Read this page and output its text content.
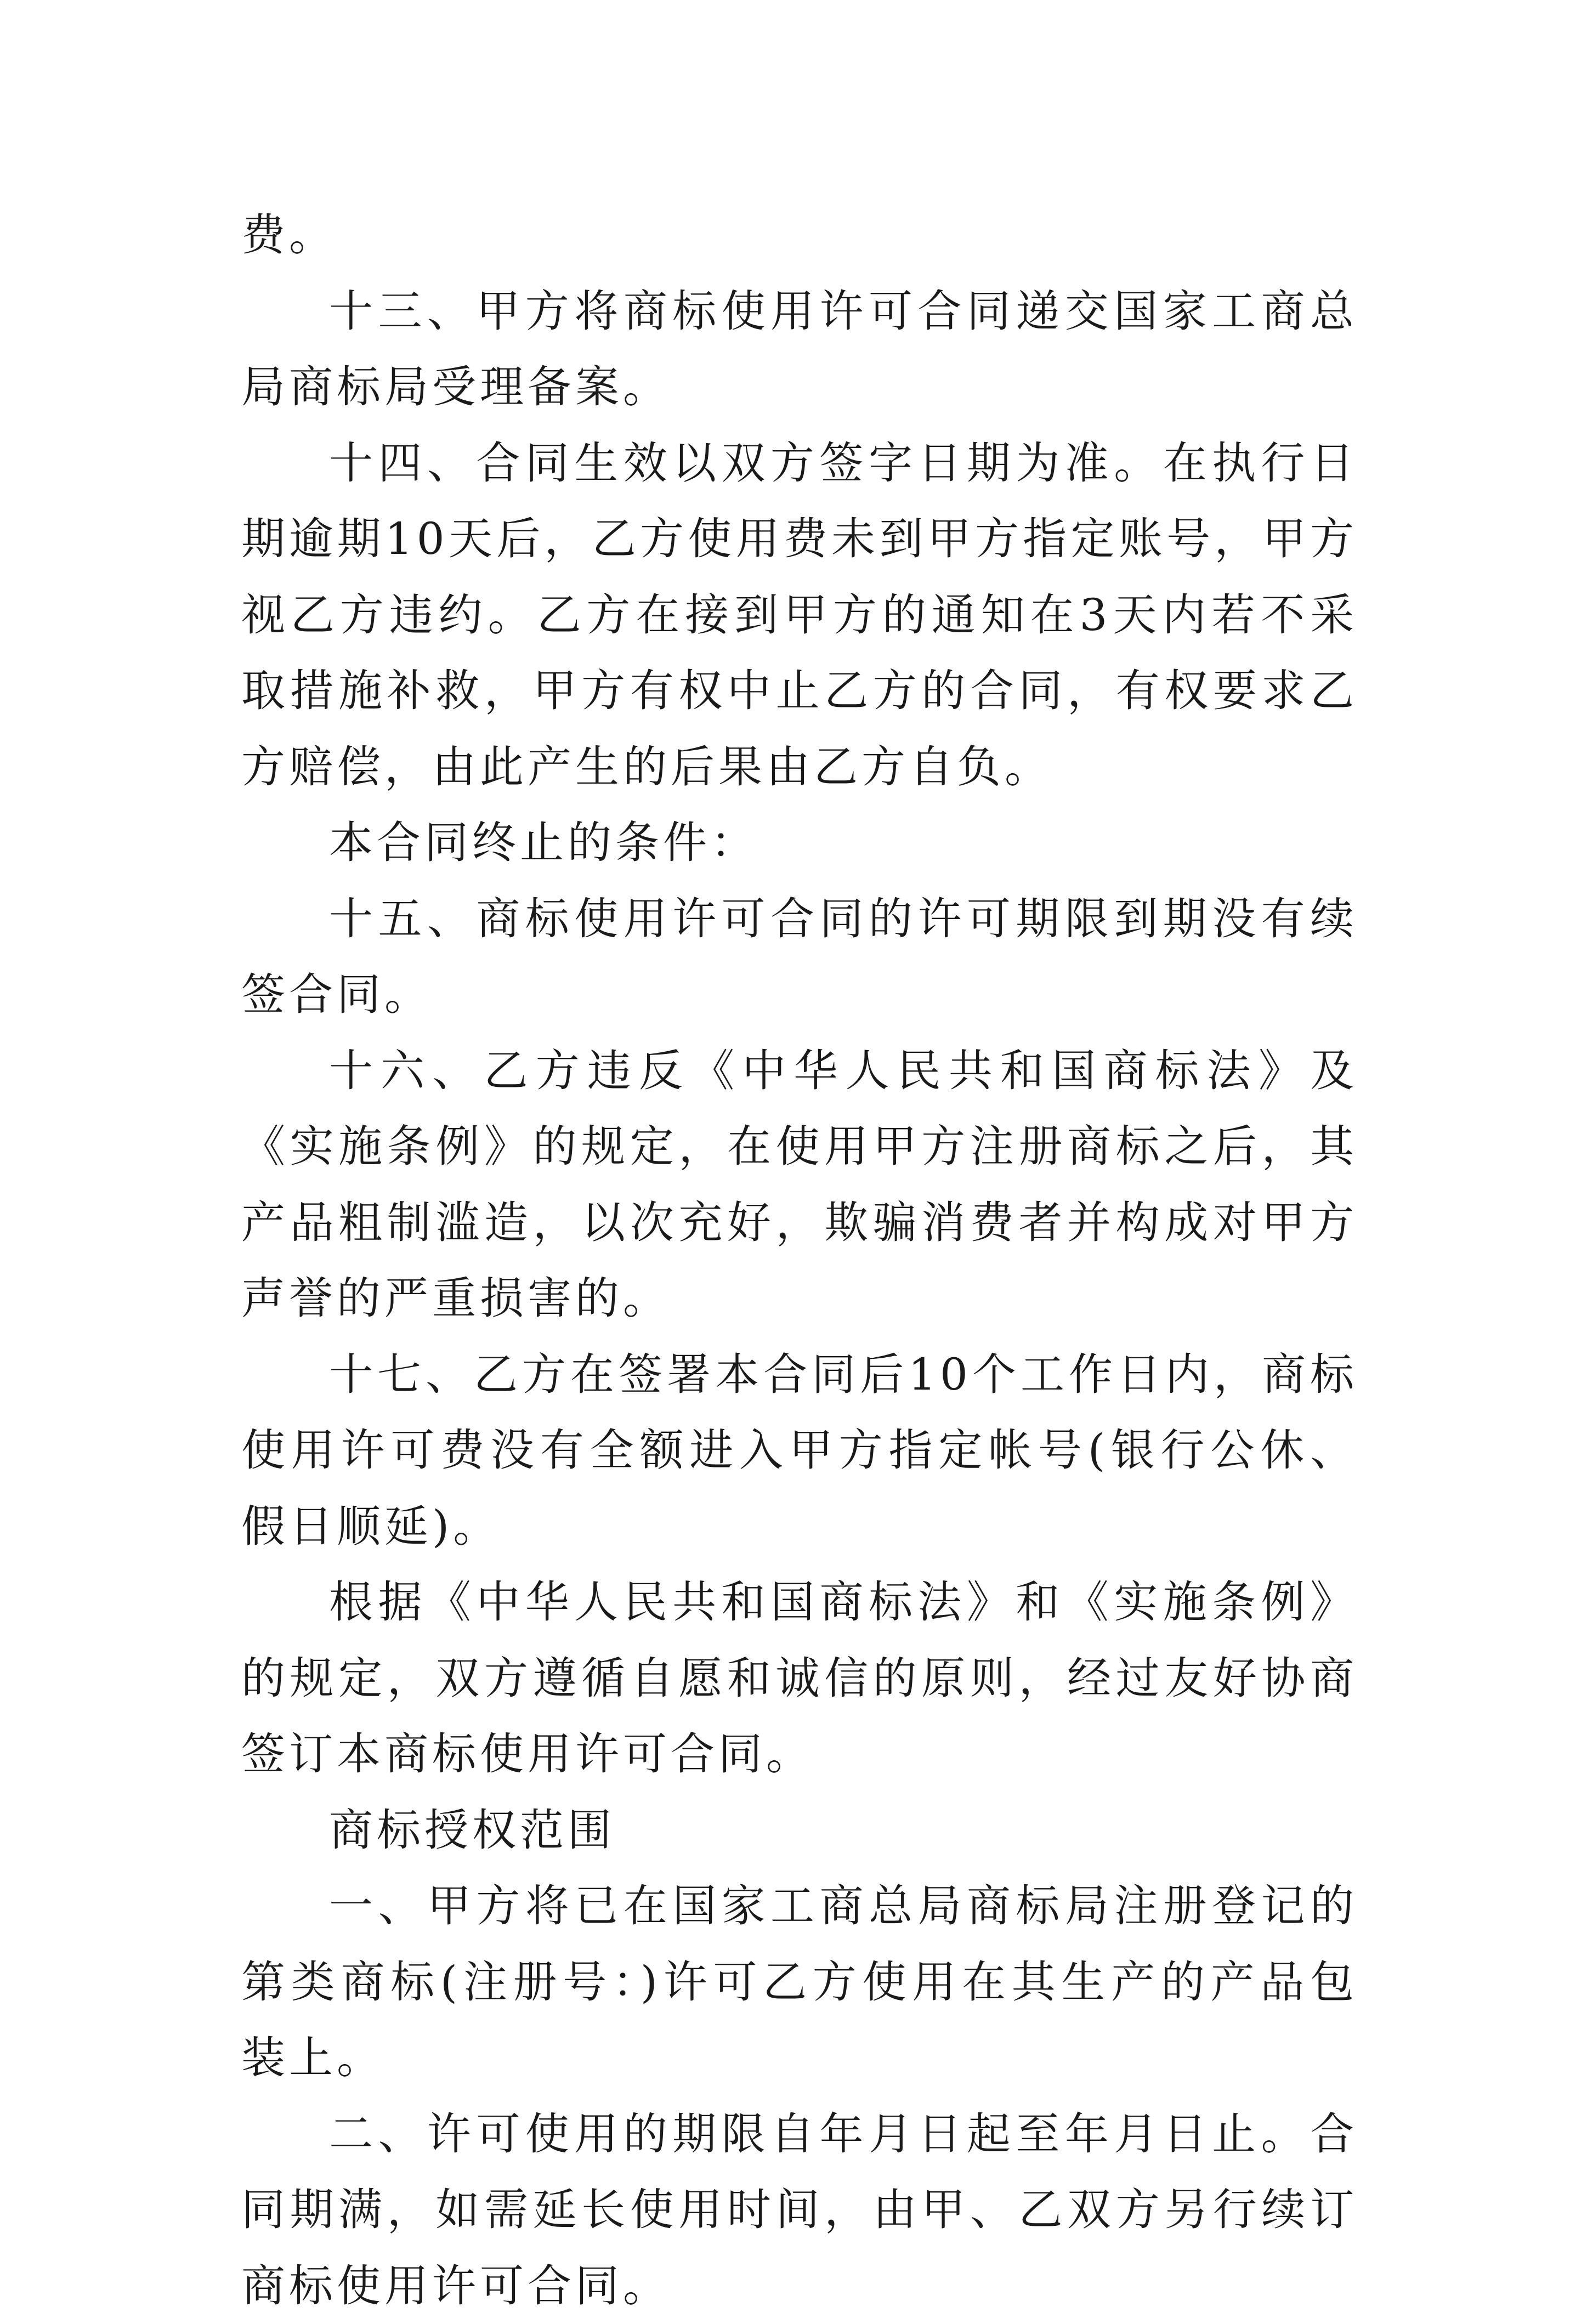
费。

十三、甲方将商标使用许可合同递交国家工商总局商标局受理备案。

十四、合同生效以双方签字日期为准。在执行日期逾期10天后，乙方使用费未到甲方指定账号，甲方视乙方违约。乙方在接到甲方的通知在3天内若不采取措施补救，甲方有权中止乙方的合同，有权要求乙方赔偿，由此产生的后果由乙方自负。

本合同终止的条件：

十五、商标使用许可合同的许可期限到期没有续签合同。

十六、乙方违反《中华人民共和国商标法》及《实施条例》的规定，在使用甲方注册商标之后，其产品粗制滥造，以次充好，欺骗消费者并构成对甲方声誉的严重损害的。

十七、乙方在签署本合同后10个工作日内，商标使用许可费没有全额进入甲方指定帐号(银行公休、假日顺延)。

根据《中华人民共和国商标法》和《实施条例》的规定，双方遵循自愿和诚信的原则，经过友好协商签订本商标使用许可合同。

商标授权范围

一、甲方将已在国家工商总局商标局注册登记的第类商标(注册号：)许可乙方使用在其生产的产品包装上。

二、许可使用的期限自年月日起至年月日止。合同期满，如需延长使用时间，由甲、乙双方另行续订商标使用许可合同。
